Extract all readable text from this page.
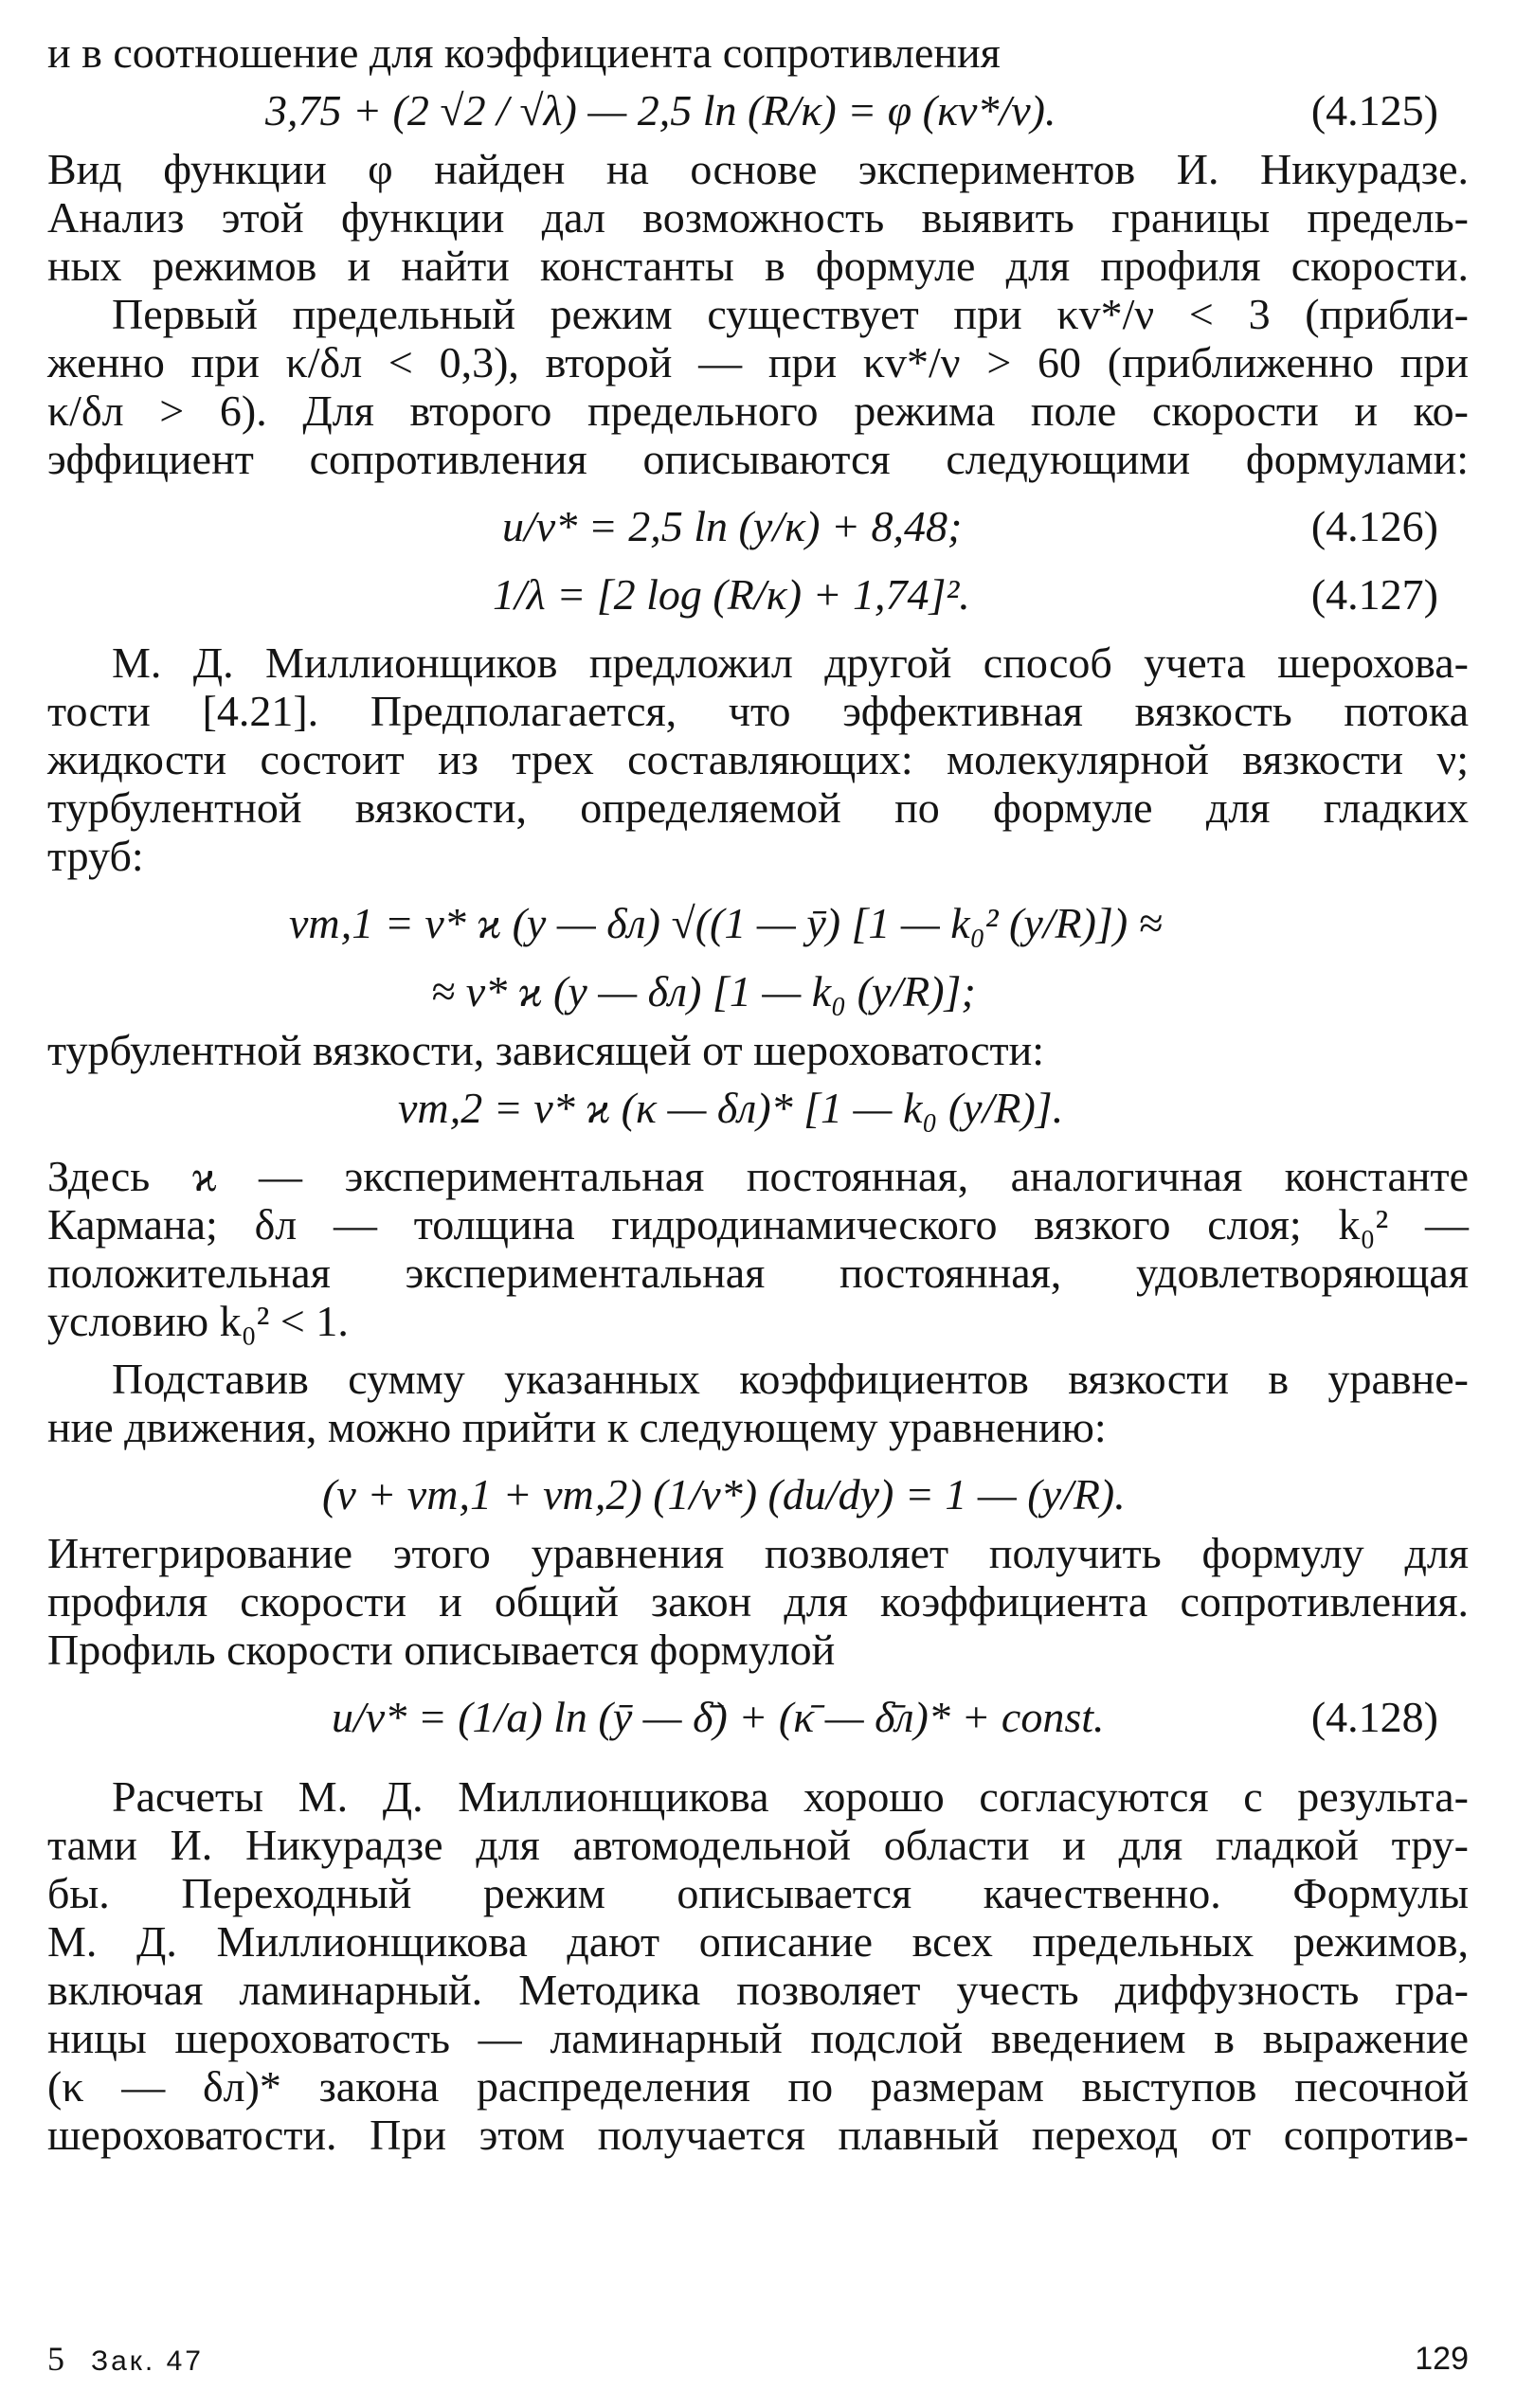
и в соотношение для коэффициента сопротивления

3,75 + (2 √2 / √λ) — 2,5 ln (R/κ) = φ (κv*/ν).	(4.125)

Вид функции φ найден на основе экспериментов И. Никурадзе.

Анализ этой функции дал возможность выявить границы предель-

ных режимов и найти константы в формуле для профиля скорости.

Первый предельный режим существует при κv*/ν < 3 (прибли-

женно при κ/δл < 0,3), второй — при κv*/ν > 60 (приближенно при

κ/δл > 6). Для второго предельного режима поле скорости и ко-

эффициент сопротивления описываются следующими формулами:

u/v* = 2,5 ln (y/κ) + 8,48;	(4.126)
1/λ = [2 log (R/κ) + 1,74]².	(4.127)

М. Д. Миллионщиков предложил другой способ учета шерохова-

тости [4.21]. Предполагается, что эффективная вязкость потока

жидкости состоит из трех составляющих: молекулярной вязкости ν;

турбулентной вязкости, определяемой по формуле для гладких

труб:

νт,1 = v* ϰ (y — δл) √((1 — ȳ) [1 — k₀² (y/R)]) ≈
≈ v* ϰ (y — δл) [1 — k₀ (y/R)];

турбулентной вязкости, зависящей от шероховатости:

νт,2 = v* ϰ (κ — δл)* [1 — k₀ (y/R)].

Здесь ϰ — экспериментальная постоянная, аналогичная константе

Кармана; δл — толщина гидродинамического вязкого слоя; k₀² —

положительная экспериментальная постоянная, удовлетворяющая

условию k₀² < 1.

Подставив сумму указанных коэффициентов вязкости в уравне-

ние движения, можно прийти к следующему уравнению:

(ν + νт,1 + νт,2) (1/v*) (du/dy) = 1 — (y/R).

Интегрирование этого уравнения позволяет получить формулу для

профиля скорости и общий закон для коэффициента сопротивления.

Профиль скорости описывается формулой

u/v* = (1/a) ln (ȳ — δ̄) + (κ̄ — δ̄л)* + const.	(4.128)

Расчеты М. Д. Миллионщикова хорошо согласуются с результа-

тами И. Никурадзе для автомодельной области и для гладкой тру-

бы. Переходный режим описывается качественно. Формулы

М. Д. Миллионщикова дают описание всех предельных режимов,

включая ламинарный. Методика позволяет учесть диффузность гра-

ницы шероховатость — ламинарный подслой введением в выражение

(κ — δл)* закона распределения по размерам выступов песочной

шероховатости. При этом получается плавный переход от сопротив-

5 Зак. 47	129
